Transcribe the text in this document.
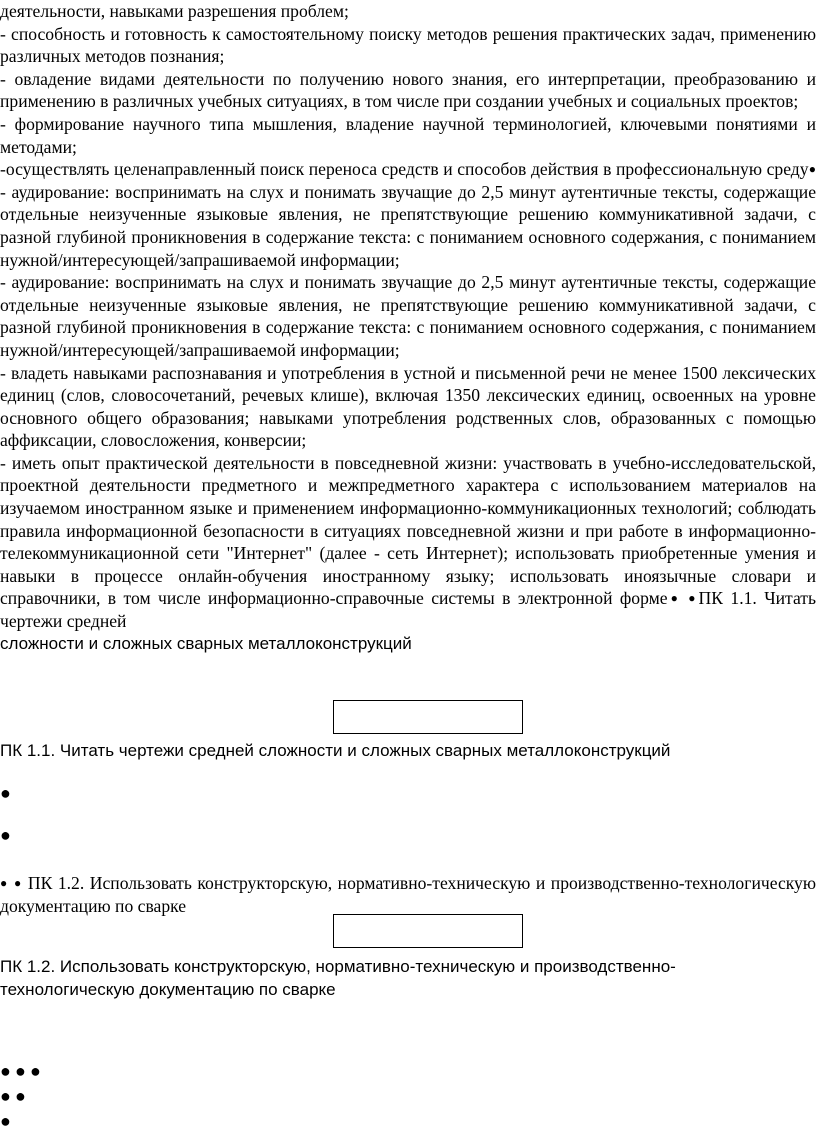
деятельности, навыками разрешения проблем;

- способность и готовность к самостоятельному поиску методов решения практических задач, применению различных методов познания;

- овладение видами деятельности по получению нового знания, его интерпретации, преобразованию и применению в различных учебных ситуациях, в том числе при создании учебных и социальных проектов;

- формирование научного типа мышления, владение научной терминологией, ключевыми понятиями и методами;

-осуществлять целенаправленный поиск переноса средств и способов действия в профессиональную среду● - аудирование: воспринимать на слух и понимать звучащие до 2,5 минут аутентичные тексты, содержащие отдельные неизученные языковые явления, не препятствующие решению коммуникативной задачи, с разной глубиной проникновения в содержание текста: с пониманием основного содержания, с пониманием нужной/интересующей/запрашиваемой информации;

- аудирование: воспринимать на слух и понимать звучащие до 2,5 минут аутентичные тексты, содержащие отдельные неизученные языковые явления, не препятствующие решению коммуникативной задачи, с разной глубиной проникновения в содержание текста: с пониманием основного содержания, с пониманием нужной/интересующей/запрашиваемой информации;

- владеть навыками распознавания и употребления в устной и письменной речи не менее 1500 лексических единиц (слов, словосочетаний, речевых клише), включая 1350 лексических единиц, освоенных на уровне основного общего образования; навыками употребления родственных слов, образованных с помощью аффиксации, словосложения, конверсии;

- иметь опыт практической деятельности в повседневной жизни: участвовать в учебно-исследовательской, проектной деятельности предметного и межпредметного характера с использованием материалов на изучаемом иностранном языке и применением информационно-коммуникационных технологий; соблюдать правила информационной безопасности в ситуациях повседневной жизни и при работе в информационно-телекоммуникационной сети "Интернет" (далее - сеть Интернет); использовать приобретенные умения и навыки в процессе онлайн-обучения иностранному языку; использовать иноязычные словари и справочники, в том числе информационно-справочные системы в электронной форме● ●ПК 1.1. Читать чертежи средней

сложности и сложных сварных металлоконструкций

ПК 1.1. Читать чертежи средней сложности и сложных сварных металлоконструкций

●
●
● ● ПК 1.2. Использовать конструкторскую, нормативно-техническую и производственно-технологическую документацию по сварке

ПК 1.2. Использовать конструкторскую, нормативно-техническую и производственно-технологическую документацию по сварке

● ● ●
● ●
●
